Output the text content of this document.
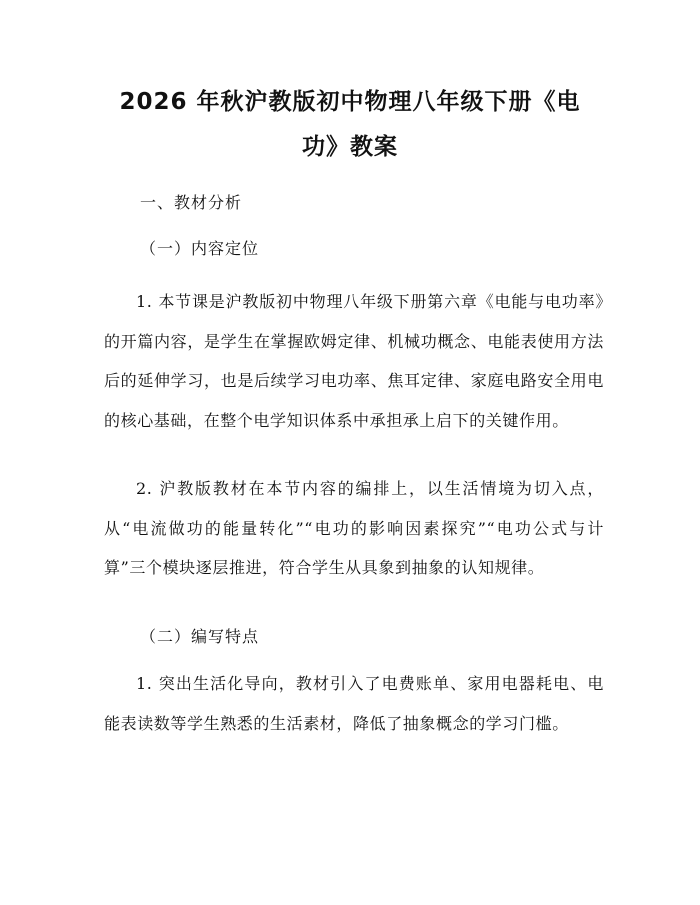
2026 年秋沪教版初中物理八年级下册《电
功》教案
一、教材分析
（一）内容定位
1. 本节课是沪教版初中物理八年级下册第六章《电能与电功率》的开篇内容，是学生在掌握欧姆定律、机械功概念、电能表使用方法后的延伸学习，也是后续学习电功率、焦耳定律、家庭电路安全用电的核心基础，在整个电学知识体系中承担承上启下的关键作用。
2. 沪教版教材在本节内容的编排上，以生活情境为切入点，从“电流做功的能量转化”“电功的影响因素探究”“电功公式与计算”三个模块逐层推进，符合学生从具象到抽象的认知规律。
（二）编写特点
1. 突出生活化导向，教材引入了电费账单、家用电器耗电、电能表读数等学生熟悉的生活素材，降低了抽象概念的学习门槛。
